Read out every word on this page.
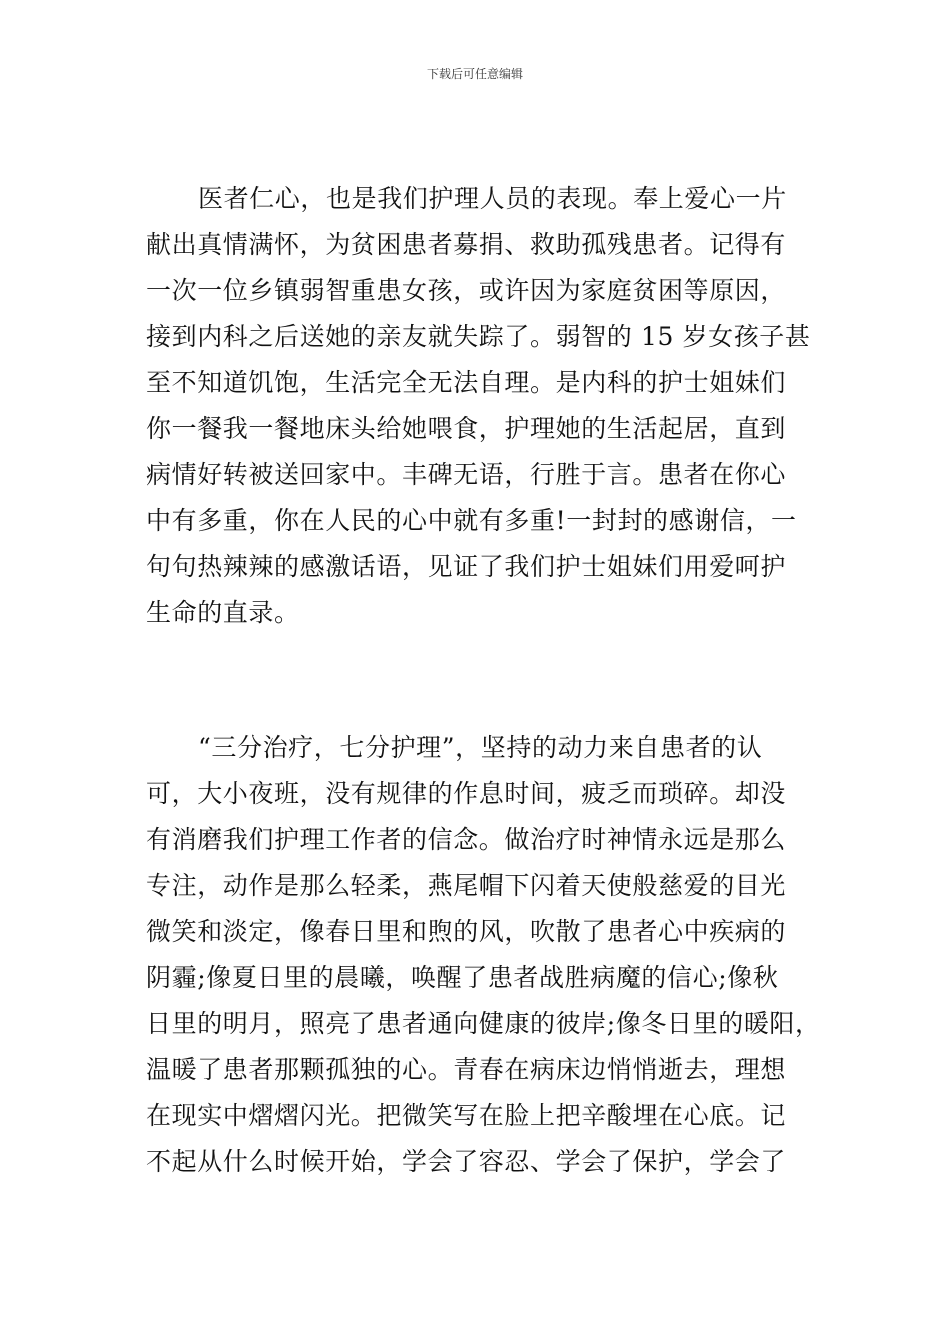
下载后可任意编辑
医者仁心，也是我们护理人员的表现。奉上爱心一片
献出真情满怀，为贫困患者募捐、救助孤残患者。记得有
一次一位乡镇弱智重患女孩，或许因为家庭贫困等原因，
接到内科之后送她的亲友就失踪了。弱智的 15 岁女孩子甚
至不知道饥饱，生活完全无法自理。是内科的护士姐妹们
你一餐我一餐地床头给她喂食，护理她的生活起居，直到
病情好转被送回家中。丰碑无语，行胜于言。患者在你心
中有多重，你在人民的心中就有多重!一封封的感谢信，一
句句热辣辣的感激话语，见证了我们护士姐妹们用爱呵护
生命的直录。
“三分治疗，七分护理”，坚持的动力来自患者的认
可，大小夜班，没有规律的作息时间，疲乏而琐碎。却没
有消磨我们护理工作者的信念。做治疗时神情永远是那么
专注，动作是那么轻柔，燕尾帽下闪着天使般慈爱的目光
微笑和淡定，像春日里和煦的风，吹散了患者心中疾病的
阴霾;像夏日里的晨曦，唤醒了患者战胜病魔的信心;像秋
日里的明月，照亮了患者通向健康的彼岸;像冬日里的暖阳，
温暖了患者那颗孤独的心。青春在病床边悄悄逝去，理想
在现实中熠熠闪光。把微笑写在脸上把辛酸埋在心底。记
不起从什么时候开始，学会了容忍、学会了保护，学会了
